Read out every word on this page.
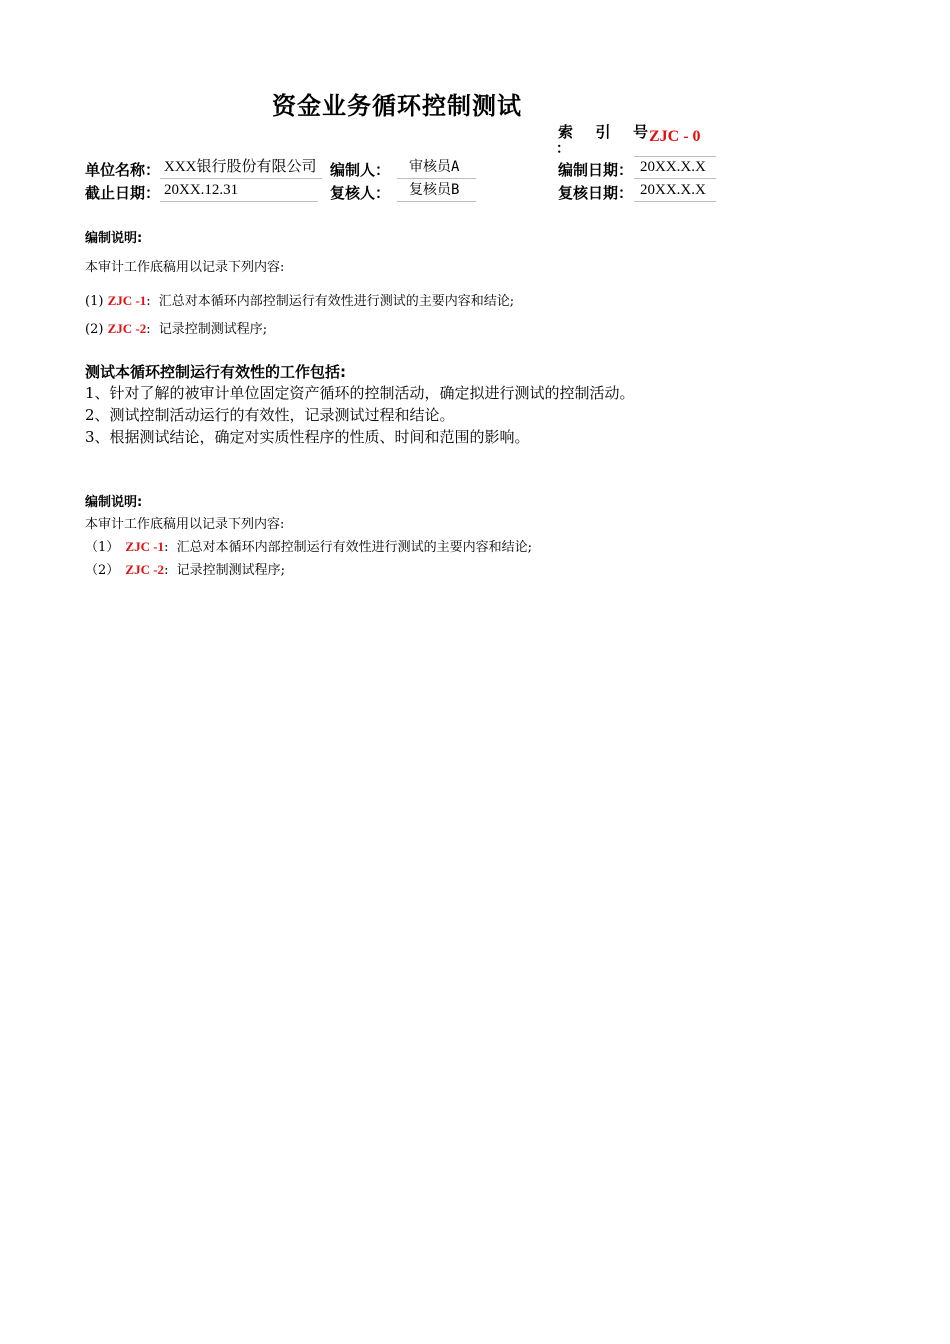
资金业务循环控制测试
索 引 号
：
ZJC - 0
单位名称： XXX银行股份有限公司 编制人：	审核员A	编制日期： 20XX.X.X
截止日期： 20XX.12.31	复核人：	复核员B	复核日期： 20XX.X.X
编制说明:
本审计工作底稿用以记录下列内容:
(1) ZJC -1: 汇总对本循环内部控制运行有效性进行测试的主要内容和结论;
(2) ZJC -2: 记录控制测试程序;
测试本循环控制运行有效性的工作包括:
1、针对了解的被审计单位固定资产循环的控制活动，确定拟进行测试的控制活动。
2、测试控制活动运行的有效性，记录测试过程和结论。
3、根据测试结论，确定对实质性程序的性质、时间和范围的影响。
编制说明:
本审计工作底稿用以记录下列内容:
（1） ZJC -1: 汇总对本循环内部控制运行有效性进行测试的主要内容和结论;
（2） ZJC -2: 记录控制测试程序;
